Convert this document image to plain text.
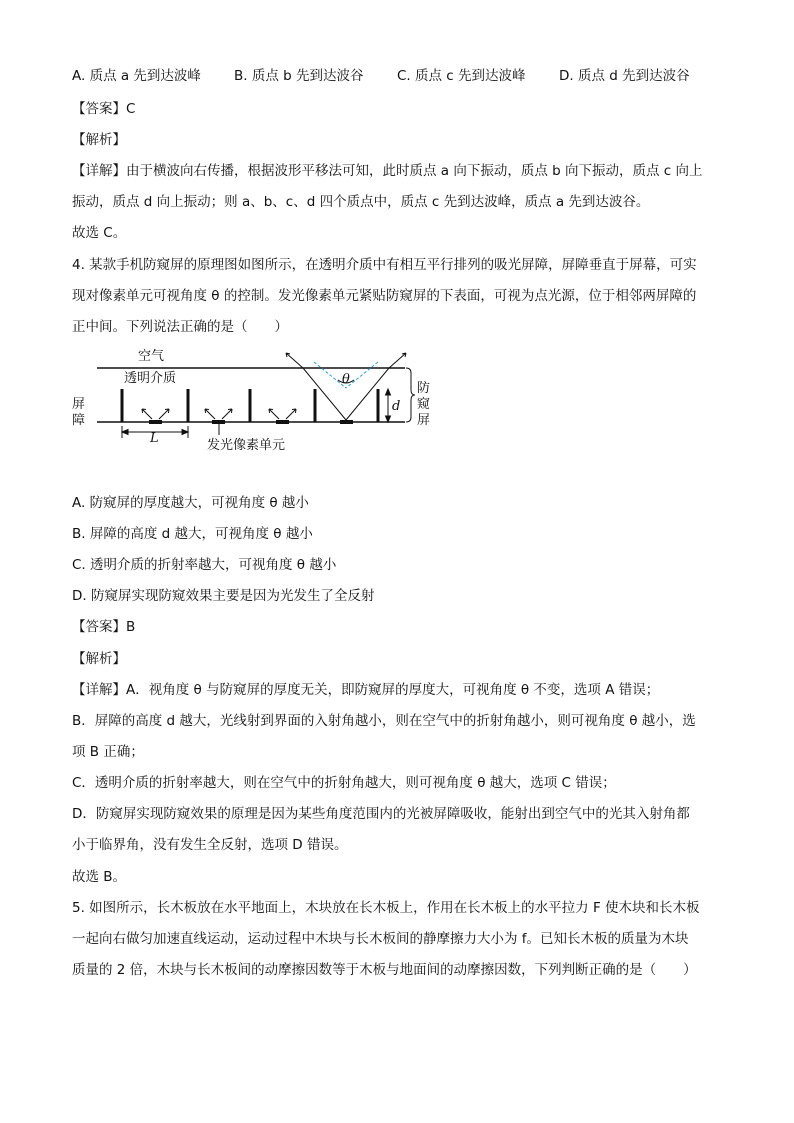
A. 质点 a 先到达波峰	B. 质点 b 先到达波谷	C. 质点 c 先到达波峰	D. 质点 d 先到达波谷
【答案】C
【解析】
【详解】由于横波向右传播，根据波形平移法可知，此时质点 a 向下振动，质点 b 向下振动，质点 c 向上
振动，质点 d 向上振动；则 a、b、c、d 四个质点中，质点 c 先到达波峰，质点 a 先到达波谷。
故选 C。
4. 某款手机防窥屏的原理图如图所示，在透明介质中有相互平行排列的吸光屏障，屏障垂直于屏幕，可实
现对像素单元可视角度 θ 的控制。发光像素单元紧贴防窥屏的下表面，可视为点光源，位于相邻两屏障的
正中间。下列说法正确的是（　　）
空气
透明介质
屏
障
防
窥
屏
θ
d
L	发光像素单元
A. 防窥屏的厚度越大，可视角度 θ 越小
B. 屏障的高度 d 越大，可视角度 θ 越小
C. 透明介质的折射率越大，可视角度 θ 越小
D. 防窥屏实现防窥效果主要是因为光发生了全反射
【答案】B
【解析】
【详解】A．视角度 θ 与防窥屏的厚度无关，即防窥屏的厚度大，可视角度 θ 不变，选项 A 错误；
B．屏障的高度 d 越大，光线射到界面的入射角越小，则在空气中的折射角越小，则可视角度 θ 越小，选
项 B 正确；
C．透明介质的折射率越大，则在空气中的折射角越大，则可视角度 θ 越大，选项 C 错误；
D．防窥屏实现防窥效果的原理是因为某些角度范围内的光被屏障吸收，能射出到空气中的光其入射角都
小于临界角，没有发生全反射，选项 D 错误。
故选 B。
5. 如图所示，长木板放在水平地面上，木块放在长木板上，作用在长木板上的水平拉力 F 使木块和长木板
一起向右做匀加速直线运动，运动过程中木块与长木板间的静摩擦力大小为 f。已知长木板的质量为木块
质量的 2 倍，木块与长木板间的动摩擦因数等于木板与地面间的动摩擦因数，下列判断正确的是（　　）
